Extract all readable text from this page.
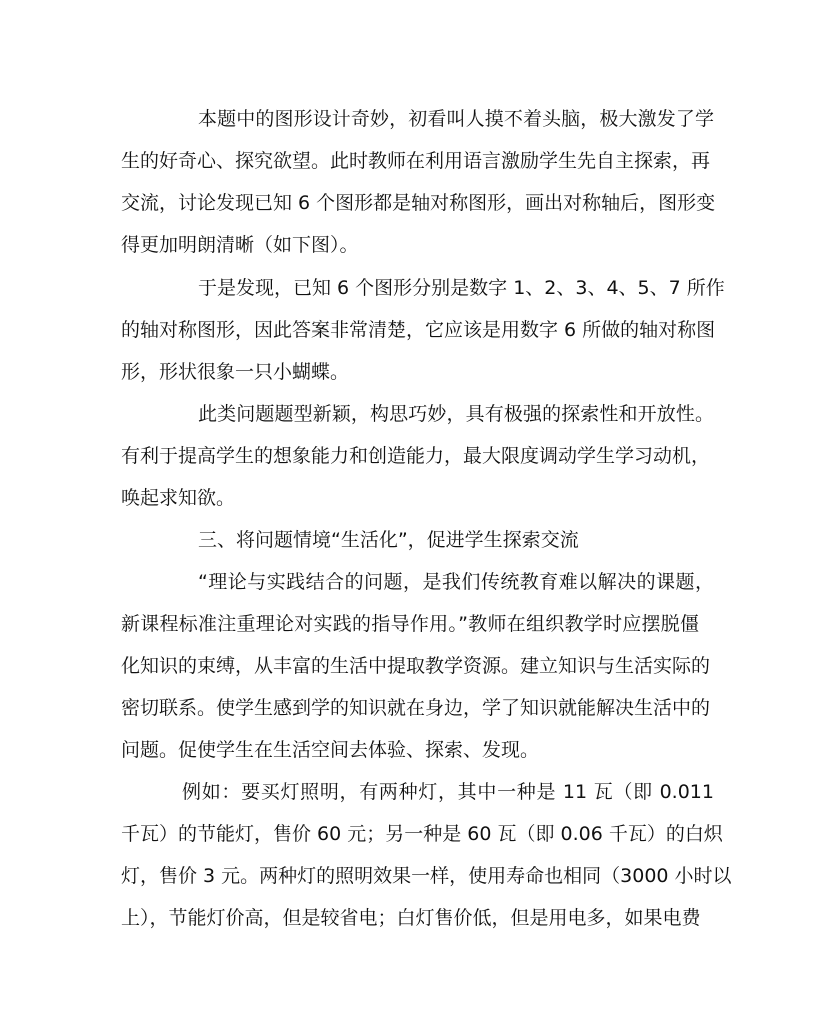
本题中的图形设计奇妙，初看叫人摸不着头脑，极大激发了学
生的好奇心、探究欲望。此时教师在利用语言激励学生先自主探索，再
交流，讨论发现已知 6 个图形都是轴对称图形，画出对称轴后，图形变
得更加明朗清晰（如下图）。
于是发现，已知 6 个图形分别是数字 1、2、3、4、5、7 所作
的轴对称图形，因此答案非常清楚，它应该是用数字 6 所做的轴对称图
形，形状很象一只小蝴蝶。
此类问题题型新颖，构思巧妙，具有极强的探索性和开放性。
有利于提高学生的想象能力和创造能力，最大限度调动学生学习动机，
唤起求知欲。
三、将问题情境“生活化”，促进学生探索交流
“理论与实践结合的问题，是我们传统教育难以解决的课题，
新课程标准注重理论对实践的指导作用。”教师在组织教学时应摆脱僵
化知识的束缚，从丰富的生活中提取教学资源。建立知识与生活实际的
密切联系。使学生感到学的知识就在身边，学了知识就能解决生活中的
问题。促使学生在生活空间去体验、探索、发现。
例如：要买灯照明，有两种灯，其中一种是 11 瓦（即 0.011
千瓦）的节能灯，售价 60 元；另一种是 60 瓦（即 0.06 千瓦）的白炽
灯，售价 3 元。两种灯的照明效果一样，使用寿命也相同（3000 小时以
上），节能灯价高，但是较省电；白灯售价低，但是用电多，如果电费
